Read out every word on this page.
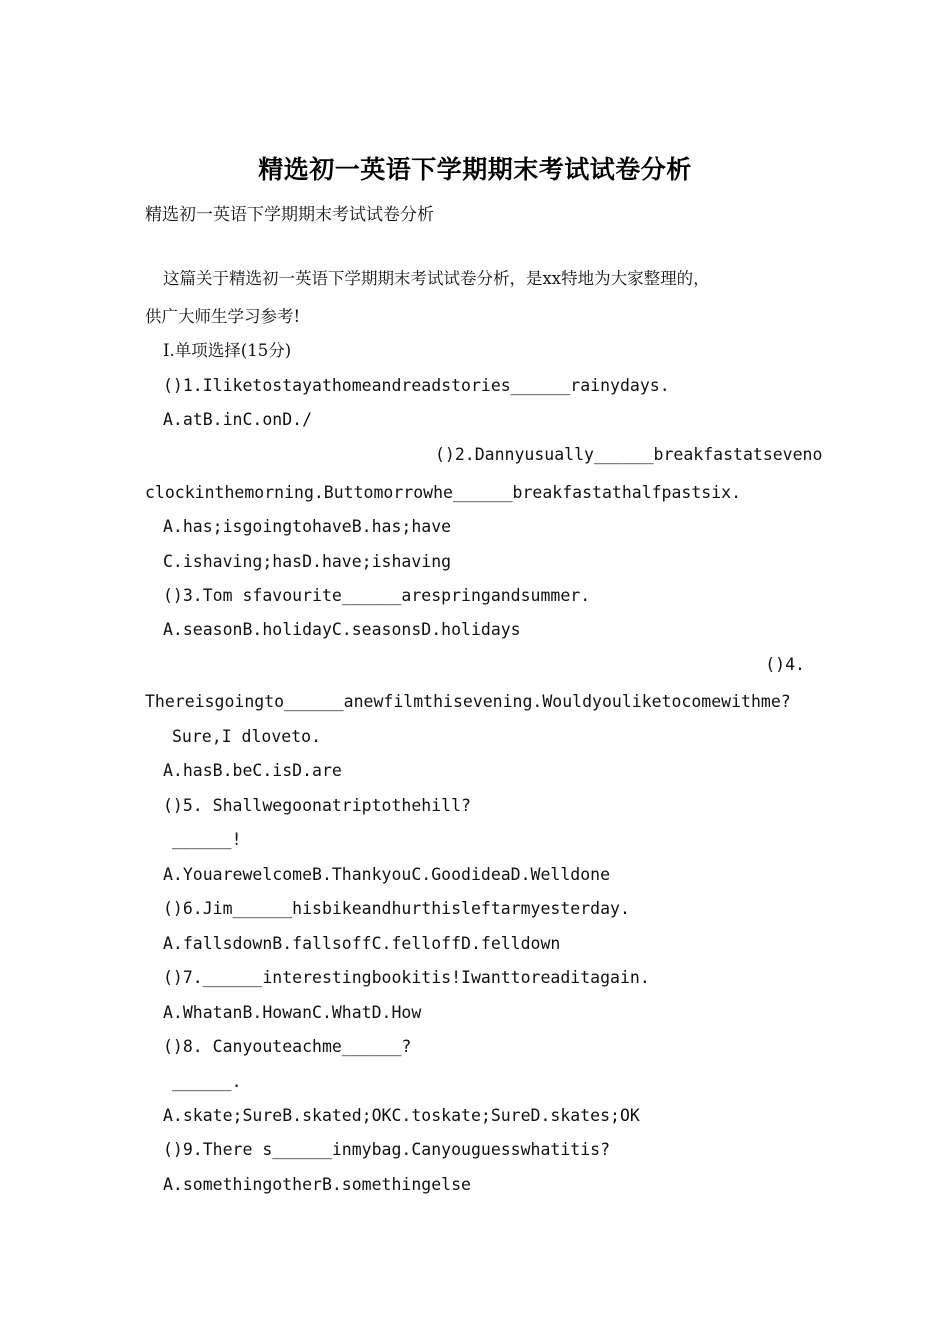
精选初一英语下学期期末考试试卷分析
精选初一英语下学期期末考试试卷分析
这篇关于精选初一英语下学期期末考试试卷分析，是xx特地为大家整理的，
供广大师生学习参考!
Ⅰ.单项选择(15分)
()1.Iliketostayathomeandreadstories______rainydays.
A.atB.inC.onD./
()2.Dannyusually______breakfastatseveno
clockinthemorning.Buttomorrowhe______breakfastathalfpastsix.
A.has;isgoingtohaveB.has;have
C.ishaving;hasD.have;ishaving
()3.Tom sfavourite______arespringandsummer.
A.seasonB.holidayC.seasonsD.holidays
()4.
Thereisgoingto______anewfilmthisevening.Wouldyouliketocomewithme?
Sure,I dloveto.
A.hasB.beC.isD.are
()5. Shallwegoonatriptothehill?
______!
A.YouarewelcomeB.ThankyouC.GoodideaD.Welldone
()6.Jim______hisbikeandhurthisleftarmyesterday.
A.fallsdownB.fallsoffC.felloffD.felldown
()7.______interestingbookitis!Iwanttoreaditagain.
A.WhatanB.HowanC.WhatD.How
()8. Canyouteachme______?
______.
A.skate;SureB.skated;OKC.toskate;SureD.skates;OK
()9.There s______inmybag.Canyouguesswhatitis?
A.somethingotherB.somethingelse
